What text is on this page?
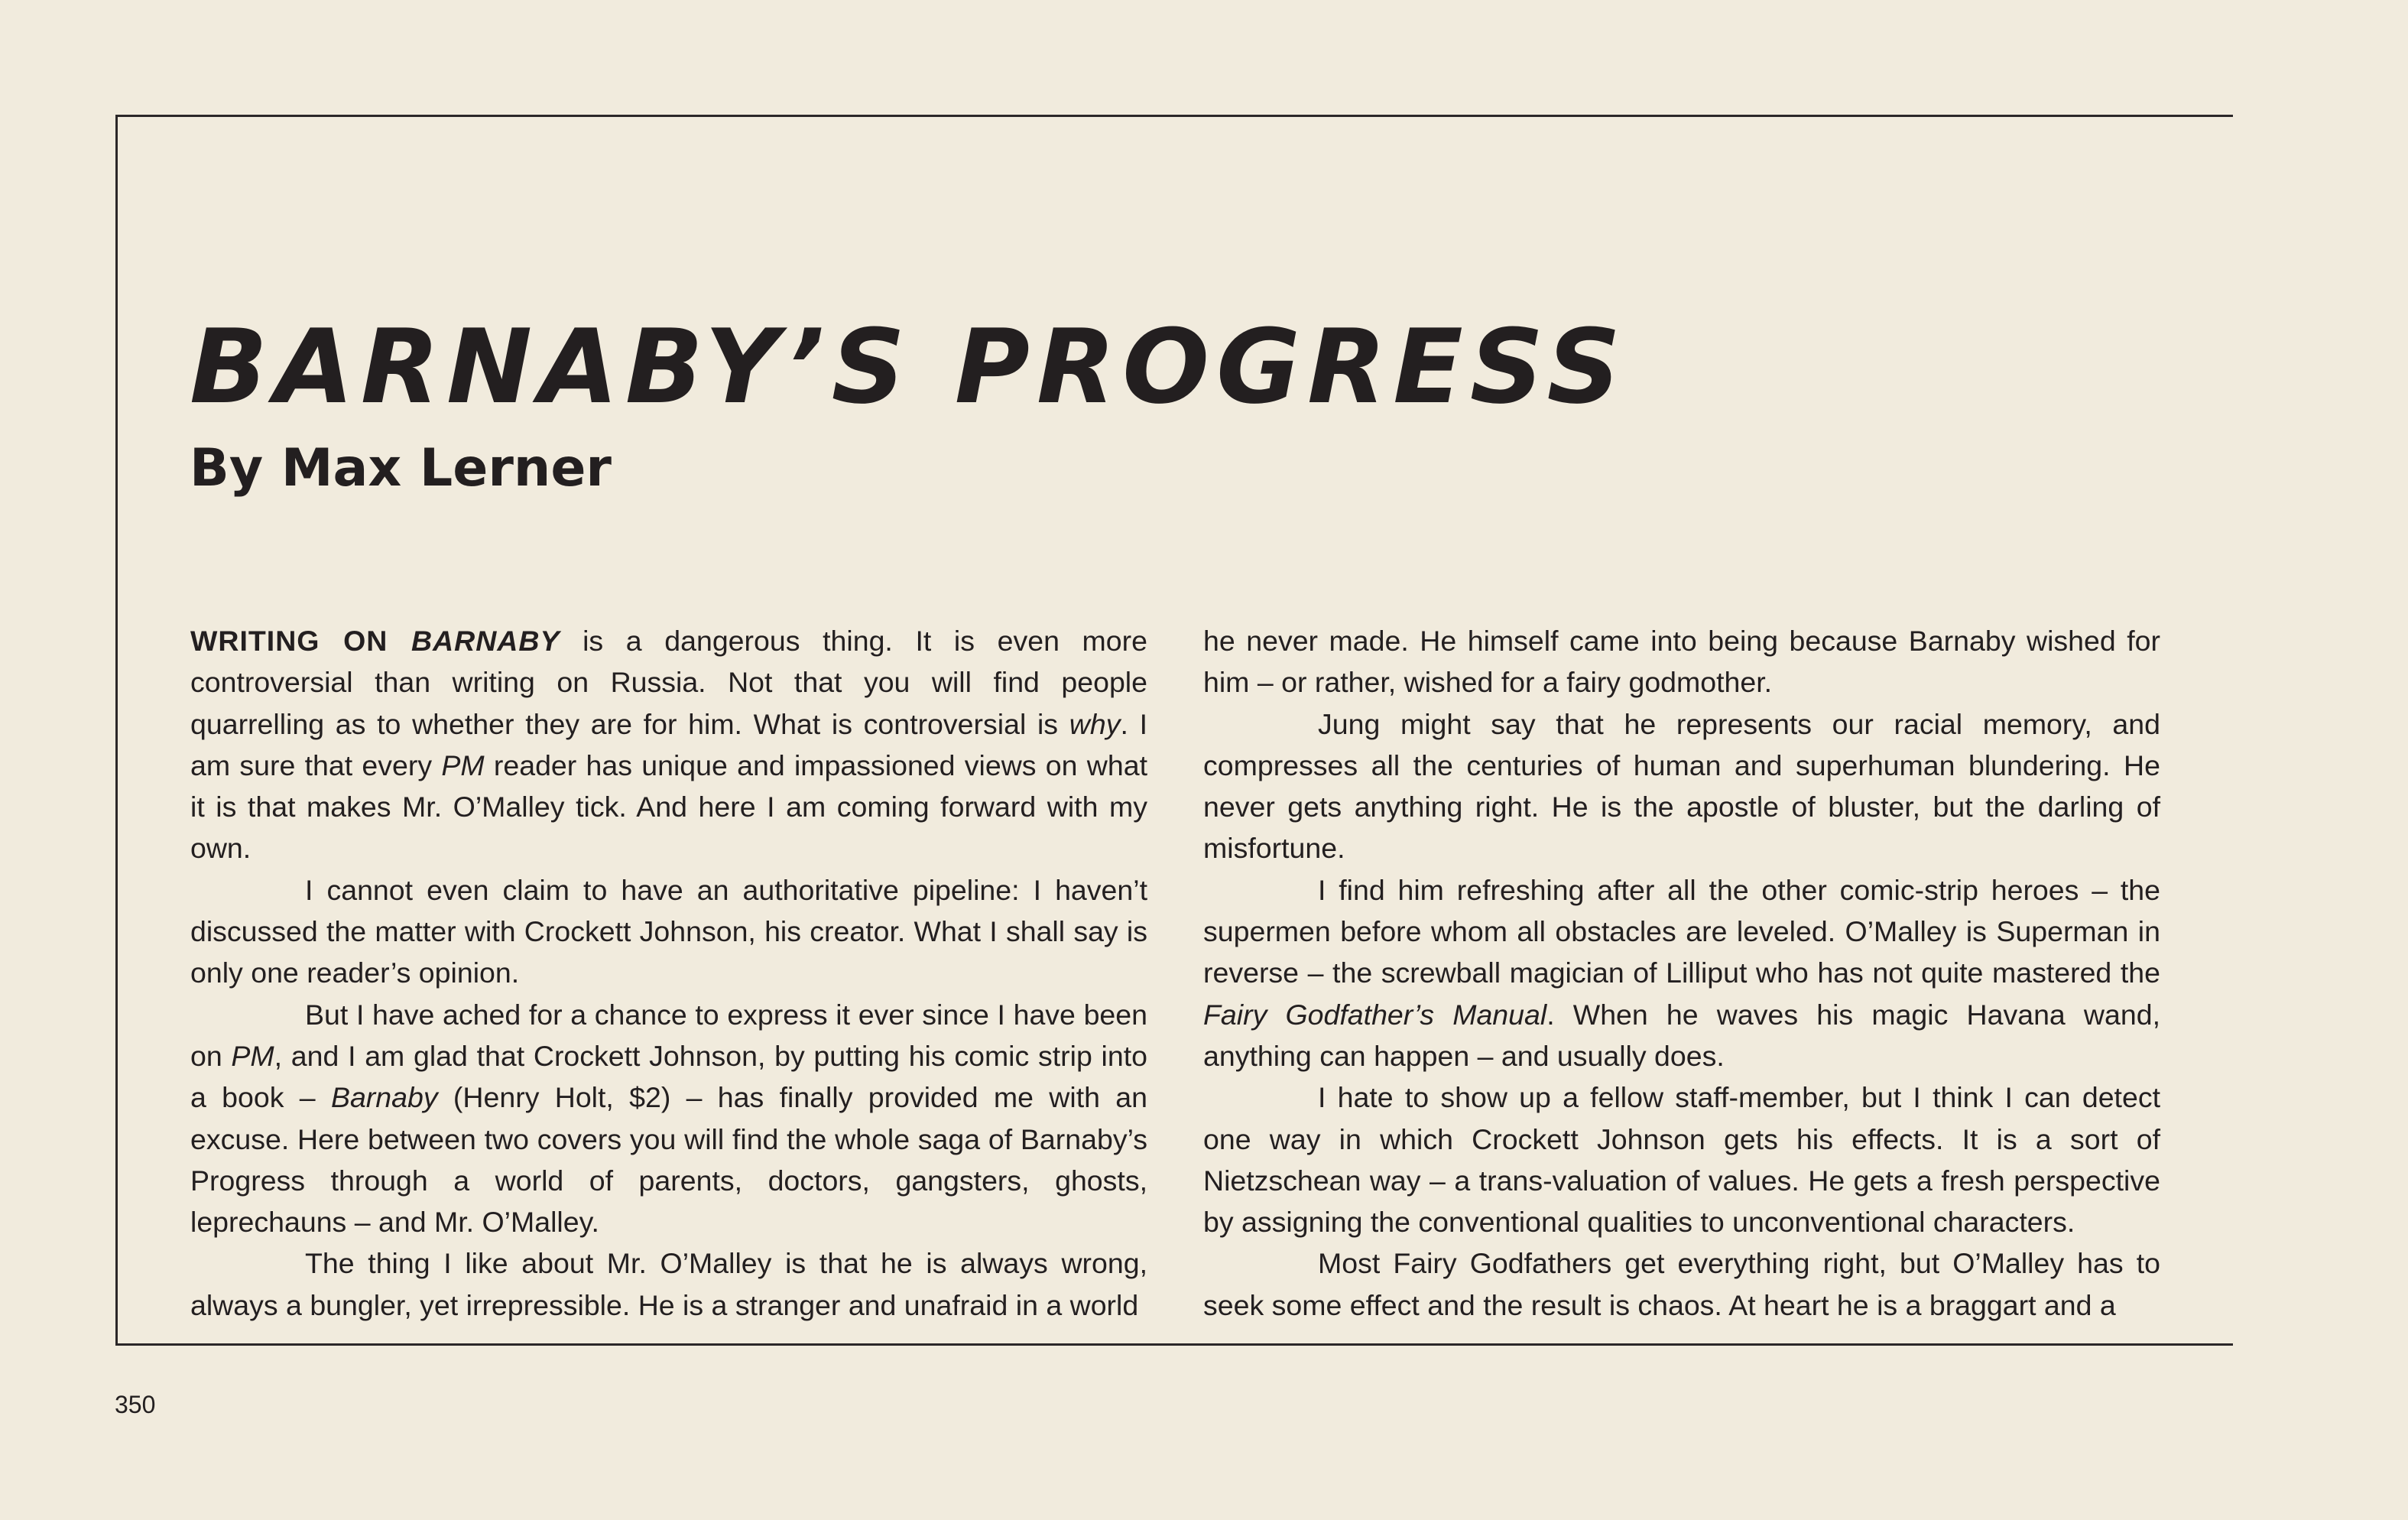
BARNABY’S PROGRESS
By Max Lerner

WRITING ON BARNABY is a dangerous thing. It is even more controversial than writing on Russia. Not that you will find people quarrelling as to whether they are for him. What is controversial is why. I am sure that every PM reader has unique and impassioned views on what it is that makes Mr. O’Malley tick. And here I am coming forward with my own.

I cannot even claim to have an authoritative pipeline: I haven’t discussed the matter with Crockett Johnson, his creator. What I shall say is only one reader’s opinion.

But I have ached for a chance to express it ever since I have been on PM, and I am glad that Crockett Johnson, by putting his comic strip into a book – Barnaby (Henry Holt, $2) – has finally provided me with an excuse. Here between two covers you will find the whole saga of Barnaby’s Progress through a world of parents, doctors, gangsters, ghosts, leprechauns – and Mr. O’Malley.

The thing I like about Mr. O’Malley is that he is always wrong, always a bungler, yet irrepressible. He is a stranger and unafraid in a world

he never made. He himself came into being because Barnaby wished for him – or rather, wished for a fairy godmother.

Jung might say that he represents our racial memory, and compresses all the centuries of human and superhuman blundering. He never gets anything right. He is the apostle of bluster, but the darling of misfortune.

I find him refreshing after all the other comic-strip heroes – the supermen before whom all obstacles are leveled. O’Malley is Superman in reverse – the screwball magician of Lilliput who has not quite mastered the Fairy Godfather’s Manual. When he waves his magic Havana wand, anything can happen – and usually does.

I hate to show up a fellow staff-member, but I think I can detect one way in which Crockett Johnson gets his effects. It is a sort of Nietzschean way – a trans-valuation of values. He gets a fresh perspective by assigning the conventional qualities to unconventional characters.

Most Fairy Godfathers get everything right, but O’Malley has to seek some effect and the result is chaos. At heart he is a braggart and a

350
